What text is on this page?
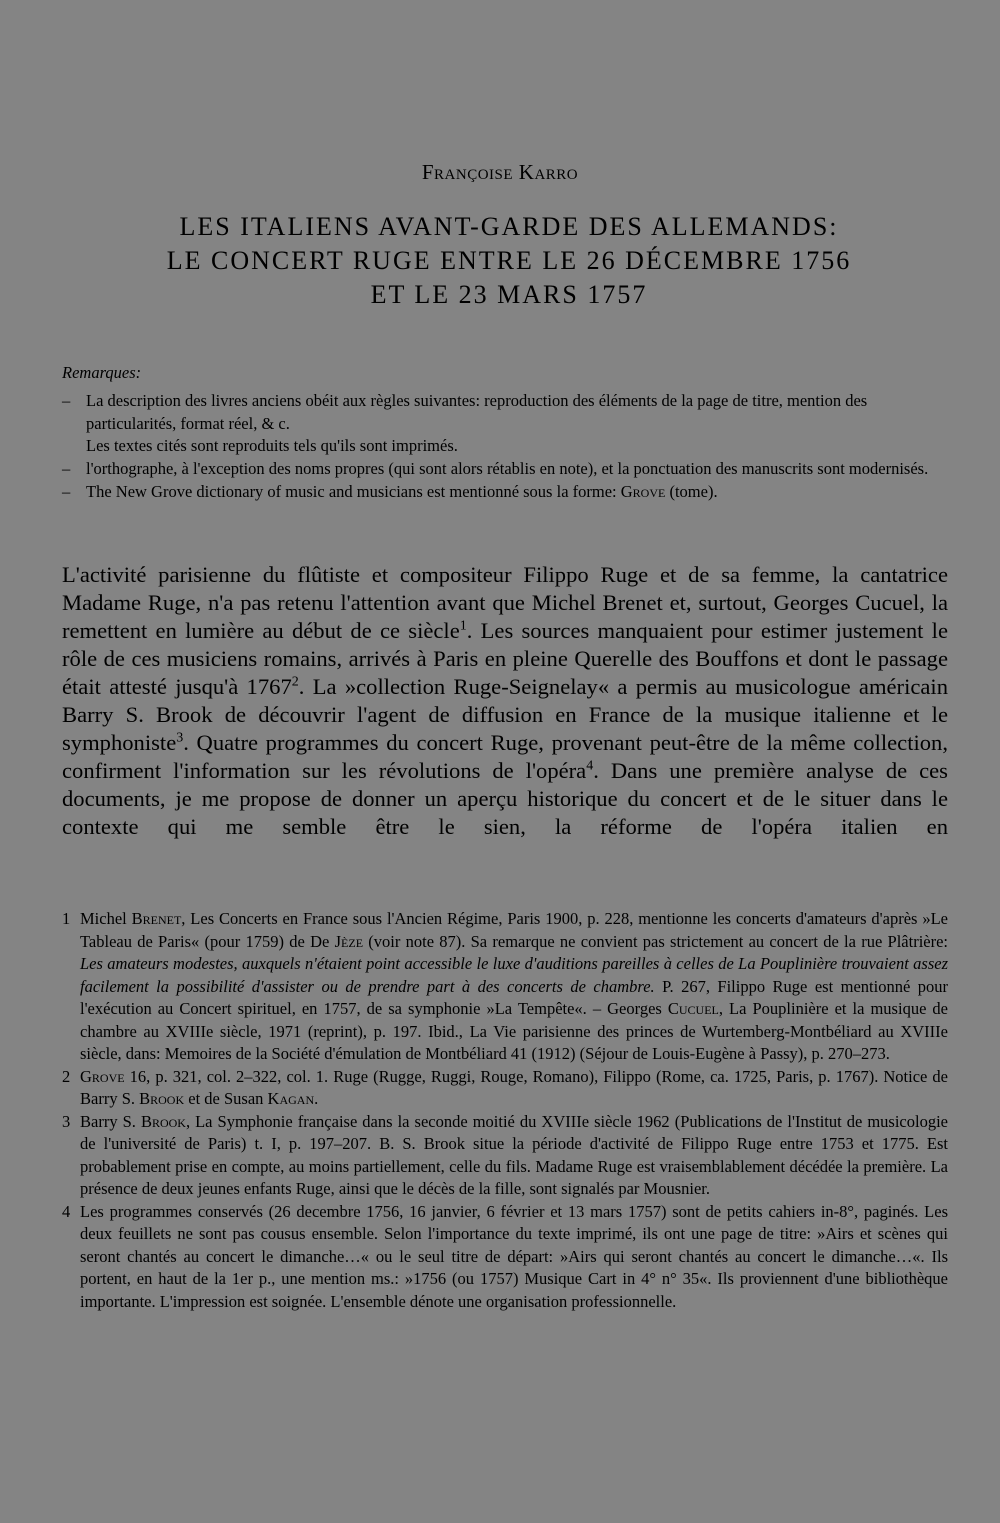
Françoise Karro
LES ITALIENS AVANT-GARDE DES ALLEMANDS:
LE CONCERT RUGE ENTRE LE 26 DÉCEMBRE 1756
ET LE 23 MARS 1757
Remarques:
– La description des livres anciens obéit aux règles suivantes: reproduction des éléments de la page de titre, mention des particularités, format réel, & c.

Les textes cités sont reproduits tels qu'ils sont imprimés.

– l'orthographe, à l'exception des noms propres (qui sont alors rétablis en note), et la ponctuation des manuscrits sont modernisés.

– The New Grove dictionary of music and musicians est mentionné sous la forme: Grove (tome).

L'activité parisienne du flûtiste et compositeur Filippo Ruge et de sa femme, la cantatrice Madame Ruge, n'a pas retenu l'attention avant que Michel Brenet et, surtout, Georges Cucuel, la remettent en lumière au début de ce siècle$^1$. Les sources manquaient pour estimer justement le rôle de ces musiciens romains, arrivés à Paris en pleine Querelle des Bouffons et dont le passage était attesté jusqu'à 1767$^2$. La »collection Ruge-Seignelay« a permis au musicologue américain Barry S. Brook de découvrir l'agent de diffusion en France de la musique italienne et le symphoniste$^3$. Quatre programmes du concert Ruge, provenant peut-être de la même collection, confirment l'information sur les révolutions de l'opéra$^4$. Dans une première analyse de ces documents, je me propose de donner un aperçu historique du concert et de le situer dans le contexte qui me semble être le sien, la réforme de l'opéra italien en

1 Michel Brenet, Les Concerts en France sous l'Ancien Régime, Paris 1900, p. 228, mentionne les concerts d'amateurs d'après »Le Tableau de Paris« (pour 1759) de De Jèze (voir note 87). Sa remarque ne convient pas strictement au concert de la rue Plâtrière: Les amateurs modestes, auxquels n'étaient point accessible le luxe d'auditions pareilles à celles de La Pouplinière trouvaient assez facilement la possibilité d'assister ou de prendre part à des concerts de chambre. P. 267, Filippo Ruge est mentionné pour l'exécution au Concert spirituel, en 1757, de sa symphonie »La Tempête«. – Georges Cucuel, La Pouplinière et la musique de chambre au XVIIIe siècle, 1971 (reprint), p. 197. Ibid., La Vie parisienne des princes de Wurtemberg-Montbéliard au XVIIIe siècle, dans: Memoires de la Société d'émulation de Montbéliard 41 (1912) (Séjour de Louis-Eugène à Passy), p. 270–273.

2 Grove 16, p. 321, col. 2–322, col. 1. Ruge (Rugge, Ruggi, Rouge, Romano), Filippo (Rome, ca. 1725, Paris, p. 1767). Notice de Barry S. Brook et de Susan Kagan.

3 Barry S. Brook, La Symphonie française dans la seconde moitié du XVIIIe siècle 1962 (Publications de l'Institut de musicologie de l'université de Paris) t. I, p. 197–207. B. S. Brook situe la période d'activité de Filippo Ruge entre 1753 et 1775. Est probablement prise en compte, au moins partiellement, celle du fils. Madame Ruge est vraisemblablement décédée la première. La présence de deux jeunes enfants Ruge, ainsi que le décès de la fille, sont signalés par Mousnier.

4 Les programmes conservés (26 decembre 1756, 16 janvier, 6 février et 13 mars 1757) sont de petits cahiers in-8°, paginés. Les deux feuillets ne sont pas cousus ensemble. Selon l'importance du texte imprimé, ils ont une page de titre: »Airs et scènes qui seront chantés au concert le dimanche…« ou le seul titre de départ: »Airs qui seront chantés au concert le dimanche…«. Ils portent, en haut de la 1er p., une mention ms.: »1756 (ou 1757) Musique Cart in 4° n° 35«. Ils proviennent d'une bibliothèque importante. L'impression est soignée. L'ensemble dénote une organisation professionnelle.
